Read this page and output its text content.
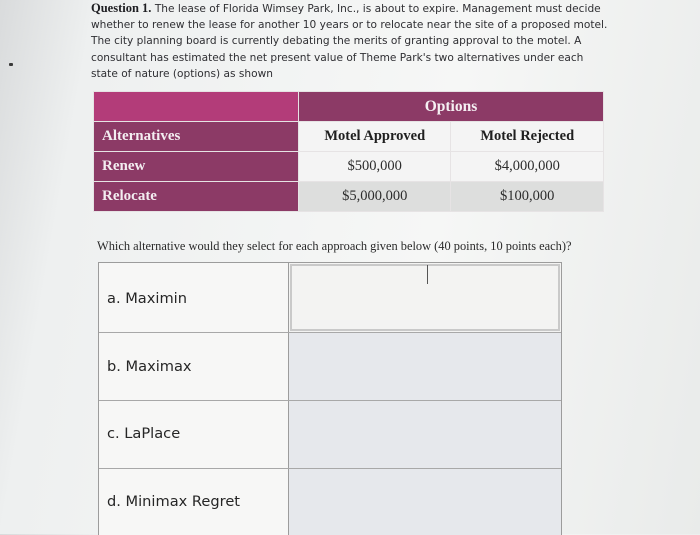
Question 1. The lease of Florida Wimsey Park, Inc., is about to expire. Management must decide whether to renew the lease for another 10 years or to relocate near the site of a proposed motel. The city planning board is currently debating the merits of granting approval to the motel. A consultant has estimated the net present value of Theme Park's two alternatives under each state of nature (options) as shown
	Options	
Alternatives	Motel Approved	Motel Rejected
Renew	$500,000	$4,000,000
Relocate	$5,000,000	$100,000
Which alternative would they select for each approach given below (40 points, 10 points each)?
a. Maximin
b. Maximax
c. LaPlace
d. Minimax Regret
